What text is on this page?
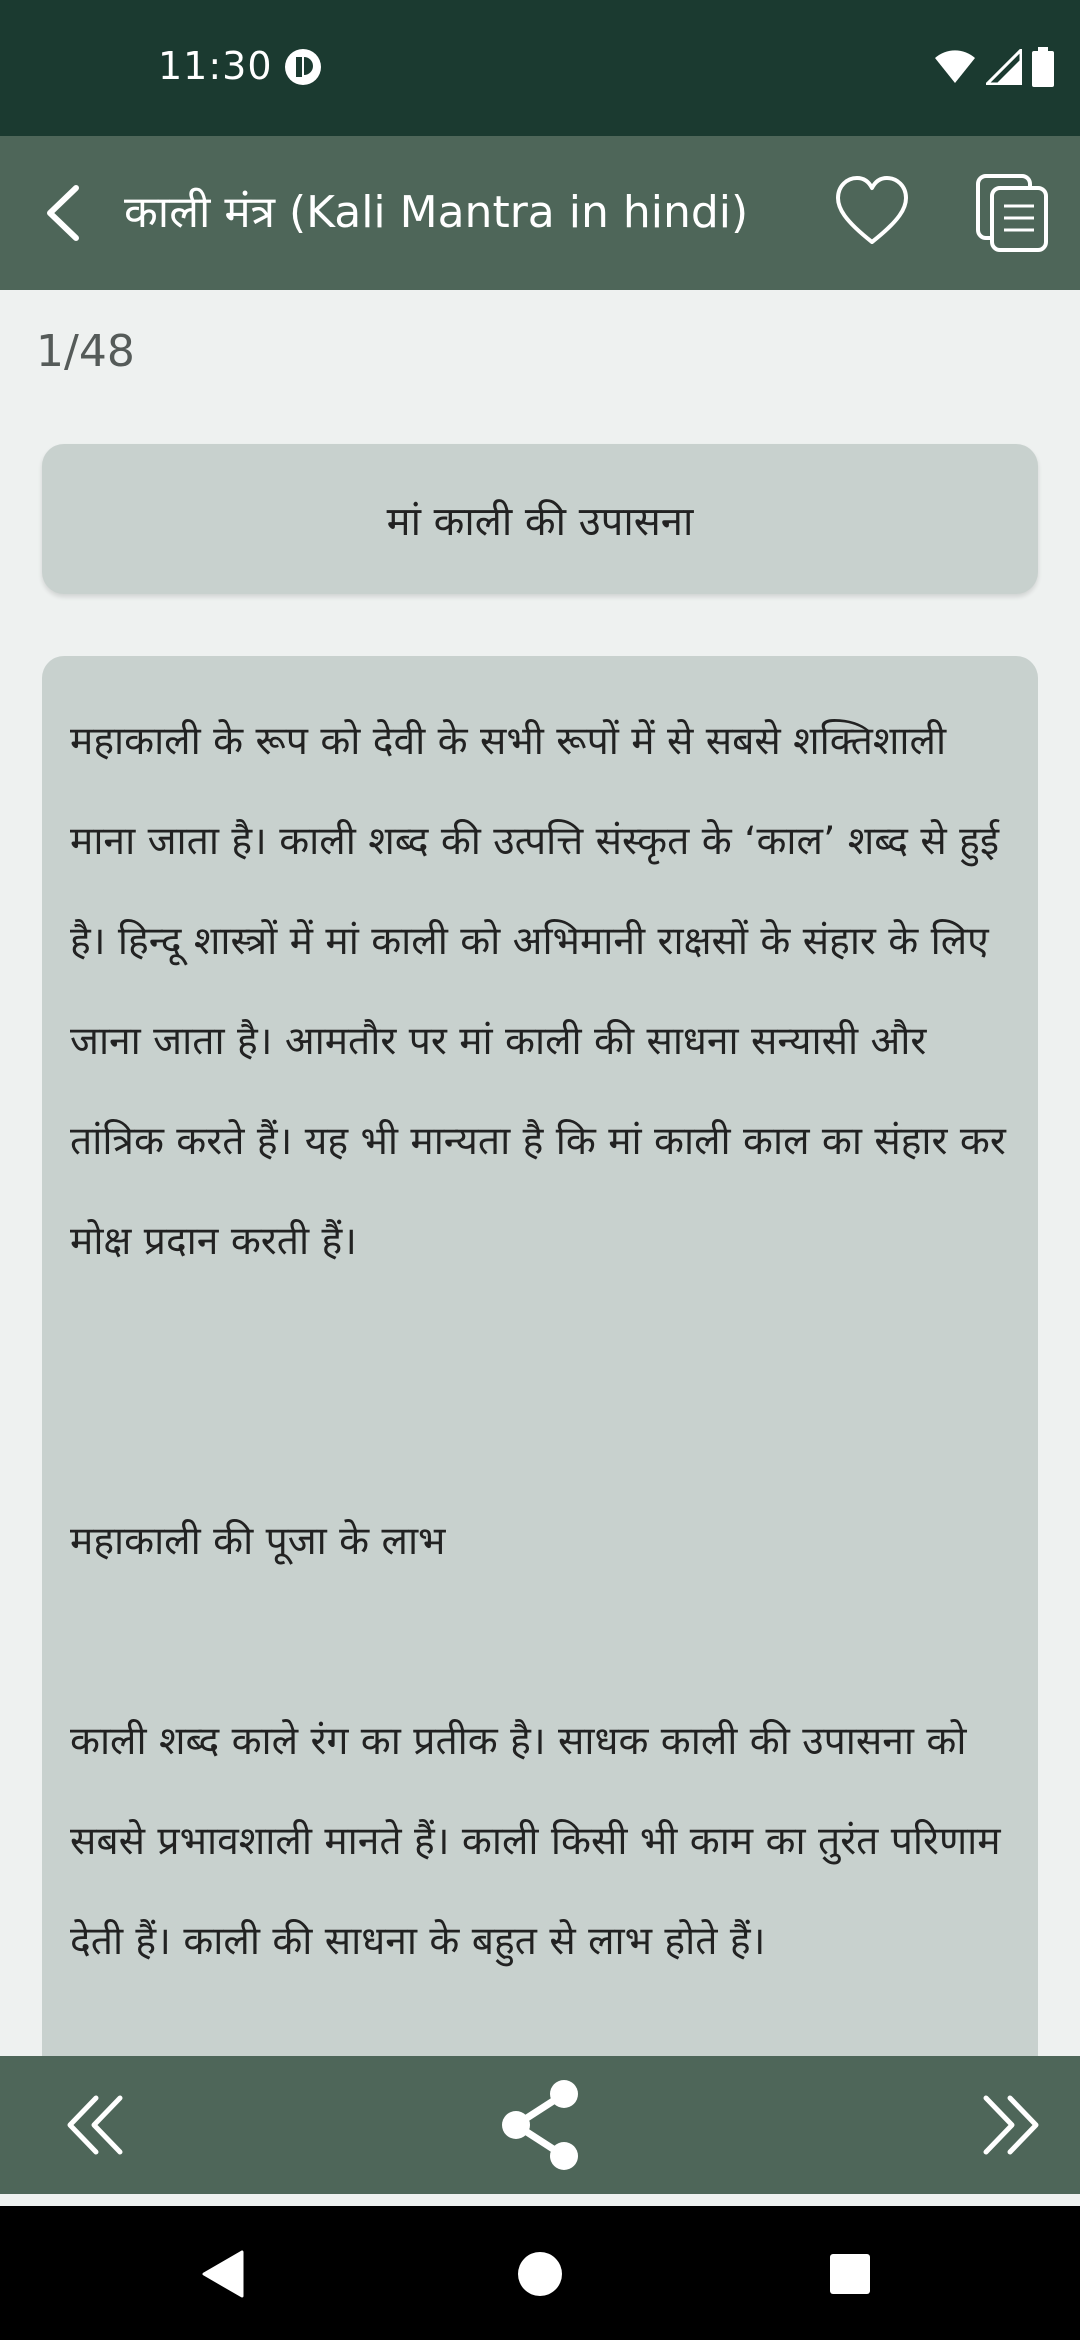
11:30
काली मंत्र (Kali Mantra in hindi)
1/48
मां काली की उपासना

महाकाली के रूप को देवी के सभी रूपों में से सबसे शक्तिशाली माना जाता है। काली शब्द की उत्पत्ति संस्कृत के ‘काल’ शब्द से हुई है। हिन्दू शास्त्रों में मां काली को अभिमानी राक्षसों के संहार के लिए जाना जाता है। आमतौर पर मां काली की साधना सन्यासी और तांत्रिक करते हैं। यह भी मान्यता है कि मां काली काल का संहार कर मोक्ष प्रदान करती हैं।

महाकाली की पूजा के लाभ

काली शब्द काले रंग का प्रतीक है। साधक काली की उपासना को सबसे प्रभावशाली मानते हैं। काली किसी भी काम का तुरंत परिणाम देती हैं। काली की साधना के बहुत से लाभ होते हैं।
